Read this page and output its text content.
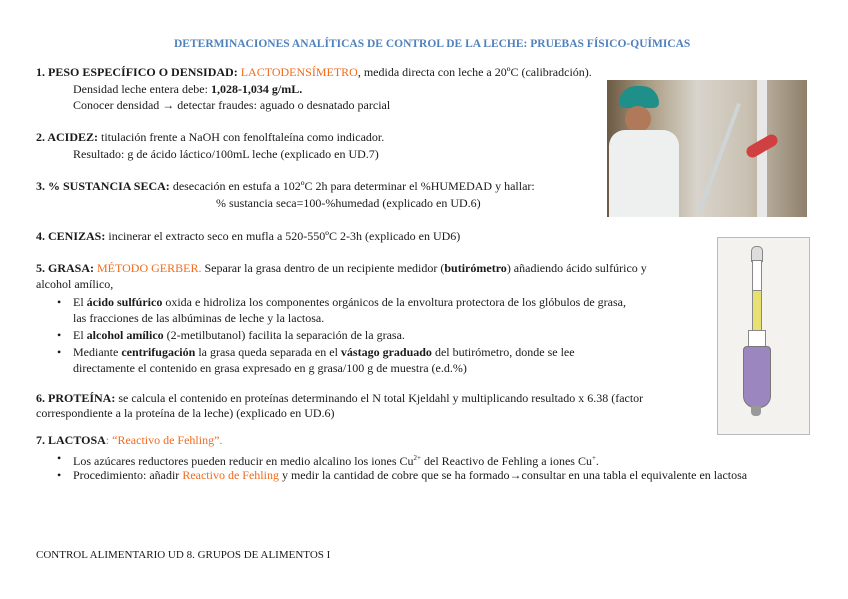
DETERMINACIONES ANALÍTICAS DE CONTROL DE LA LECHE: PRUEBAS FÍSICO-QUÍMICAS
1. PESO ESPECÍFICO O DENSIDAD: LACTODENSÍMETRO, medida directa con leche a 20ºC (calibradción).
Densidad leche entera debe: 1,028-1,034 g/mL.
Conocer densidad → detectar fraudes: aguado o desnatado parcial
2. ACIDEZ: titulación frente a NaOH con fenolftaleína como indicador.
Resultado: g de ácido láctico/100mL leche (explicado en UD.7)
3. % SUSTANCIA SECA: desecación en estufa a 102ºC 2h para determinar el %HUMEDAD y hallar:
% sustancia seca=100-%humedad (explicado en UD.6)
4. CENIZAS: incinerar el extracto seco en mufla a 520-550ºC 2-3h (explicado en UD6)
5. GRASA: MÉTODO GERBER. Separar la grasa dentro de un recipiente medidor (butirómetro) añadiendo ácido sulfúrico y
alcohol amílico,
• El ácido sulfúrico oxida e hidroliza los componentes orgánicos de la envoltura protectora de los glóbulos de grasa,
las fracciones de las albúminas de leche y la lactosa.
• El alcohol amílico (2-metilbutanol) facilita la separación de la grasa.
• Mediante centrifugación la grasa queda separada en el vástago graduado del butirómetro, donde se lee
directamente el contenido en grasa expresado en g grasa/100 g de muestra (e.d.%)
6. PROTEÍNA: se calcula el contenido en proteínas determinando el N total Kjeldahl y multiplicando resultado x 6.38 (factor
correspondiente a la proteína de la leche) (explicado en UD.6)
7. LACTOSA: “Reactivo de Fehling”.
• Los azúcares reductores pueden reducir en medio alcalino los iones $Cu^{2+}$ del Reactivo de Fehling a iones Cu+.
• Procedimiento: añadir Reactivo de Fehling y medir la cantidad de cobre que se ha formado→consultar en una tabla el equivalente en lactosa
CONTROL ALIMENTARIO UD 8. GRUPOS DE ALIMENTOS I
